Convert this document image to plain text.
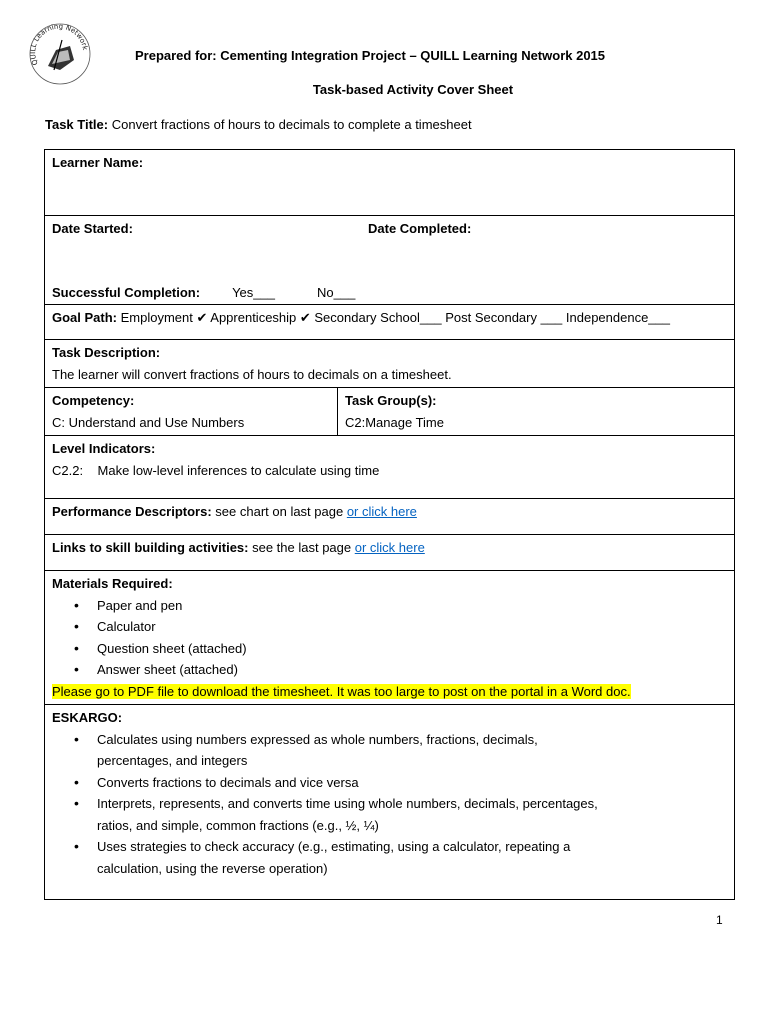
QUILL Learning Network	Prepared for: Cementing Integration Project – QUILL Learning Network 2015
Task-based Activity Cover Sheet
Task Title: Convert fractions of hours to decimals to complete a timesheet
Learner Name:

Date Started:	Date Completed:
Successful Completion: Yes___	No___

Goal Path: Employment ✔ Apprenticeship ✔ Secondary School___ Post Secondary ___ Independence___

Task Description:
The learner will convert fractions of hours to decimals on a timesheet.

Competency:
C: Understand and Use Numbers

Task Group(s):
C2:Manage Time

Level Indicators:
C2.2: Make low-level inferences to calculate using time

Performance Descriptors: see chart on last page or click here
Links to skill building activities: see the last page or click here

Materials Required:
• Paper and pen
• Calculator
• Question sheet (attached)
• Answer sheet (attached)
Please go to PDF file to download the timesheet. It was too large to post on the portal in a Word doc.

ESKARGO:
• Calculates using numbers expressed as whole numbers, fractions, decimals, percentages, and integers
• Converts fractions to decimals and vice versa
• Interprets, represents, and converts time using whole numbers, decimals, percentages, ratios, and simple, common fractions (e.g., ½, ¼)
• Uses strategies to check accuracy (e.g., estimating, using a calculator, repeating a calculation, using the reverse operation)
1
